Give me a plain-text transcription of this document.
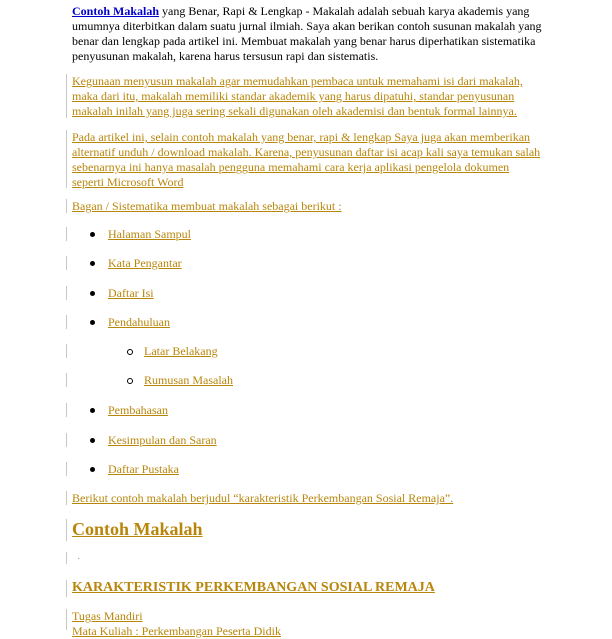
Contoh Makalah yang Benar, Rapi & Lengkap - Makalah adalah sebuah karya akademis yang umumnya diterbitkan dalam suatu jurnal ilmiah. Saya akan berikan contoh susunan makalah yang benar dan lengkap pada artikel ini. Membuat makalah yang benar harus diperhatikan sistematika penyusunan makalah, karena harus tersusun rapi dan sistematis.

Kegunaan menyusun makalah agar memudahkan pembaca untuk memahami isi dari makalah, maka dari itu, makalah memiliki standar akademik yang harus dipatuhi, standar penyusunan makalah inilah yang juga sering sekali digunakan oleh akademisi dan bentuk formal lainnya.

Pada artikel ini, selain contoh makalah yang benar, rapi & lengkap Saya juga akan memberikan alternatif unduh / download makalah. Karena, penyusunan daftar isi acap kali saya temukan salah sebenarnya ini hanya masalah pengguna memahami cara kerja aplikasi pengelola dokumen seperti Microsoft Word

Bagan / Sistematika membuat makalah sebagai berikut :

Halaman Sampul
Kata Pengantar
Daftar Isi
Pendahuluan
Latar Belakang
Rumusan Masalah
Pembahasan
Kesimpulan dan Saran
Daftar Pustaka

Berikut contoh makalah berjudul “karakteristik Perkembangan Sosial Remaja”.

Contoh Makalah
·
KARAKTERISTIK PERKEMBANGAN SOSIAL REMAJA
Tugas Mandiri
Mata Kuliah : Perkembangan Peserta Didik
